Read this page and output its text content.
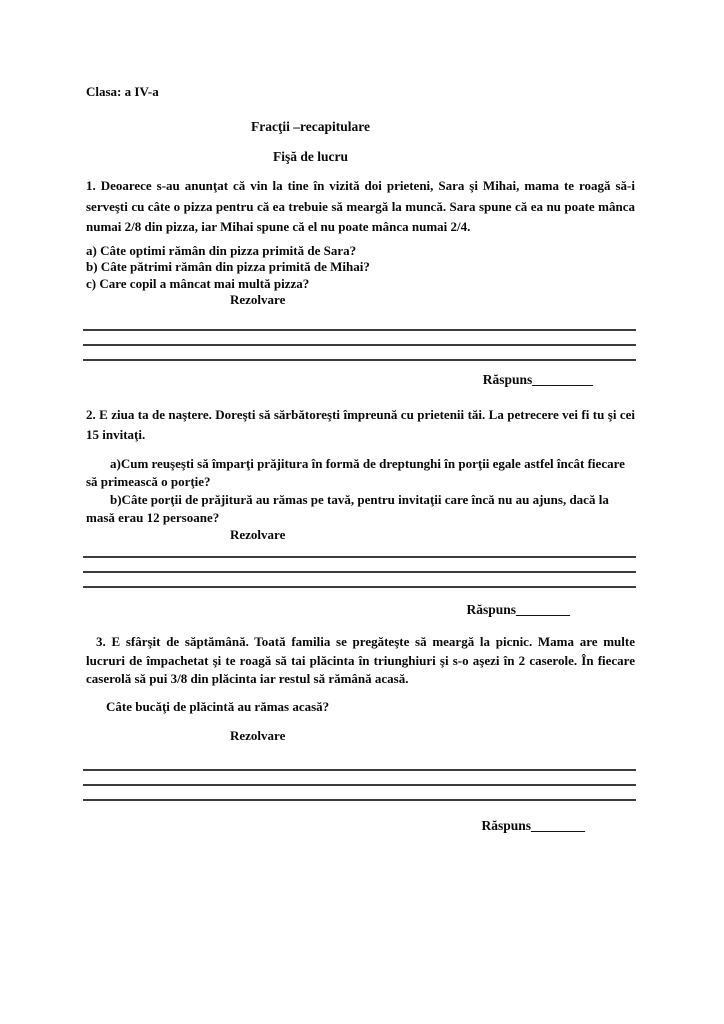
Clasa: a IV-a
Fracţii –recapitulare
Fişă de lucru

1. Deoarece s-au anunţat că vin la tine în vizită doi prieteni, Sara şi Mihai, mama te roagă să-i serveşti cu câte o pizza pentru că ea trebuie să meargă la muncă. Sara spune că ea nu poate mânca numai 2/8 din pizza, iar Mihai spune că el nu poate mânca numai 2/4.

a) Câte optimi rămân din pizza primită de Sara?
b) Câte pătrimi rămân din pizza primită de Mihai?
c) Care copil a mâncat mai multă pizza?
Rezolvare
Răspuns_________

2. E ziua ta de naştere. Doreşti să sărbătoreşti împreună cu prietenii tăi. La petrecere vei fi tu şi cei 15 invitaţi.

a)Cum reuşeşti să împarţi prăjitura în formă de dreptunghi în porţii egale astfel încât fiecare să primească o porţie?
b)Câte porţii de prăjitură au rămas pe tavă, pentru invitaţii care încă nu au ajuns, dacă la masă erau 12 persoane?
Rezolvare
Răspuns________

3. E sfârşit de săptămână. Toată familia se pregăteşte să meargă la picnic. Mama are multe lucruri de împachetat şi te roagă să tai plăcinta în triunghiuri şi s-o aşezi în 2 caserole. În fiecare caserolă să pui 3/8 din plăcinta iar restul să rămână acasă.

Câte bucăţi de plăcintă au rămas acasă?
Rezolvare
Răspuns________
